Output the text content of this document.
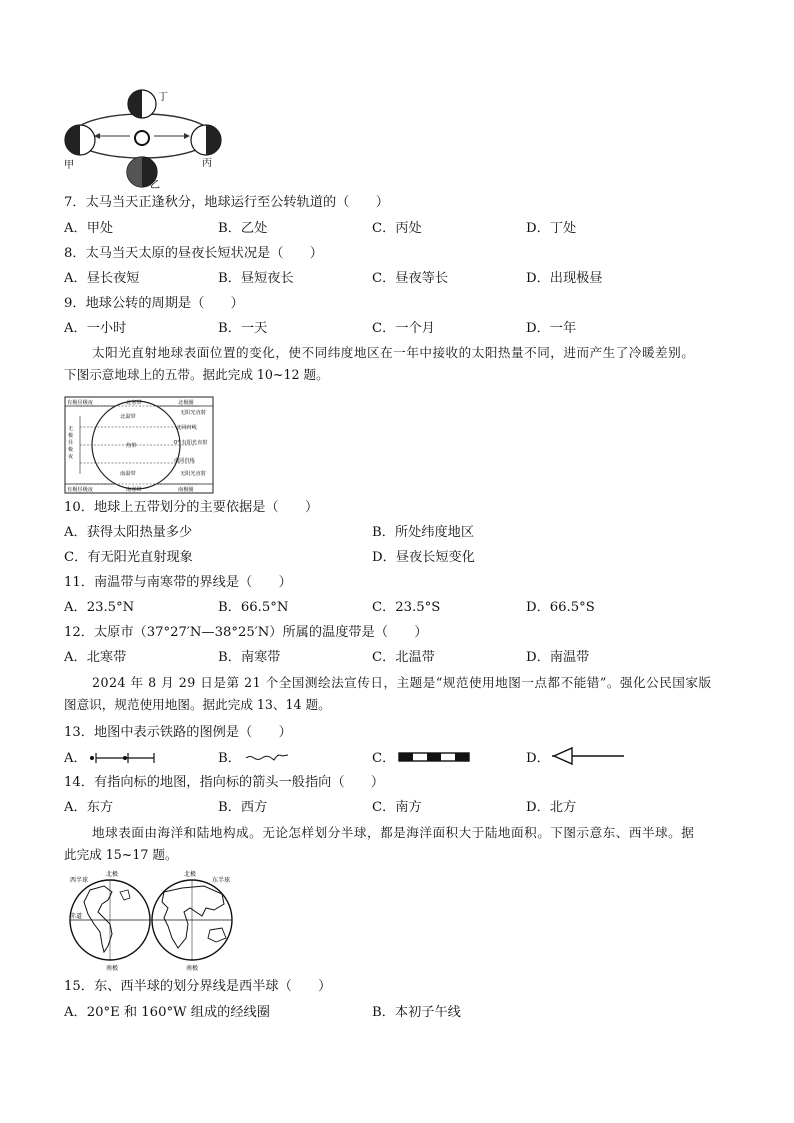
丁
甲
乙
丙
7．太马当天正逢秋分，地球运行至公转轨道的（　　）
A．甲处	B．乙处	C．丙处	D．丁处
8．太马当天太原的昼夜长短状况是（　　）
A．昼长夜短	B．昼短夜长	C．昼夜等长	D．出现极昼
9．地球公转的周期是（　　）
A．一小时	B．一天	C．一个月	D．一年
太阳光直射地球表面位置的变化，使不同纬度地区在一年中接收的太阳热量不同，进而产生了冷暖差别。
下图示意地球上的五带。据此完成 10~12 题。
北寒带
北温带
热带
南温带
南寒带
北极圈
无阳光直射
北回归线
0° 有阳光直射
南回归线
无阳光直射
南极圈
有极昼极夜
有极昼极夜
无
极
昼
极
夜
10．地球上五带划分的主要依据是（　　）
A．获得太阳热量多少	B．所处纬度地区
C．有无阳光直射现象	D．昼夜长短变化
11．南温带与南寒带的界线是（　　）
A．23.5°N	B．66.5°N	C．23.5°S	D．66.5°S
12．太原市（37°27′N—38°25′N）所属的温度带是（　　）
A．北寒带	B．南寒带	C．北温带	D．南温带
2024 年 8 月 29 日是第 21 个全国测绘法宣传日，主题是“规范使用地图一点都不能错”。强化公民国家版
图意识，规范使用地图。据此完成 13、14 题。
13．地图中表示铁路的图例是（　　）
A．	B．	C．	D．
14．有指向标的地图，指向标的箭头一般指向（　　）
A．东方	B．西方	C．南方	D．北方
地球表面由海洋和陆地构成。无论怎样划分半球，都是海洋面积大于陆地面积。下图示意东、西半球。据
此完成 15~17 题。
西半球
北极	北极
东半球
赤道
南极	南极
15．东、西半球的划分界线是西半球（　　）
A．20°E 和 160°W 组成的经线圈	B．本初子午线
